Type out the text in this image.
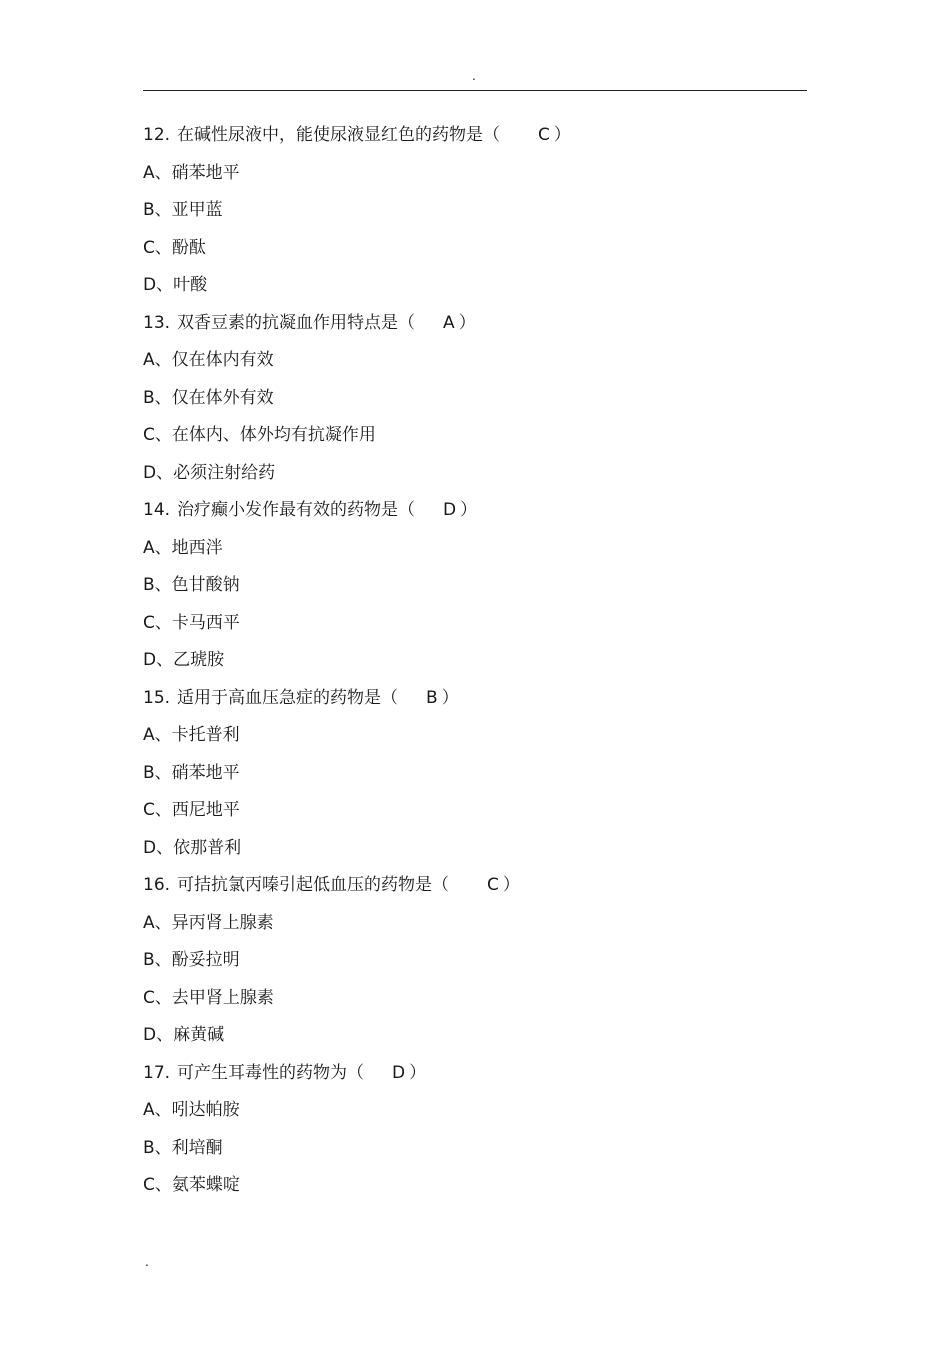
.
12. 在碱性尿液中，能使尿液显红色的药物是（ C ）
A、硝苯地平
B、亚甲蓝
C、酚酞
D、叶酸
13. 双香豆素的抗凝血作用特点是（ A ）
A、仅在体内有效
B、仅在体外有效
C、在体内、体外均有抗凝作用
D、必须注射给药
14. 治疗癫小发作最有效的药物是（ D ）
A、地西泮
B、色甘酸钠
C、卡马西平
D、乙琥胺
15. 适用于高血压急症的药物是（ B ）
A、卡托普利
B、硝苯地平
C、西尼地平
D、依那普利
16. 可拮抗氯丙嗪引起低血压的药物是（ C ）
A、异丙肾上腺素
B、酚妥拉明
C、去甲肾上腺素
D、麻黄碱
17. 可产生耳毒性的药物为（ D ）
A、吲达帕胺
B、利培酮
C、氨苯蝶啶
.
